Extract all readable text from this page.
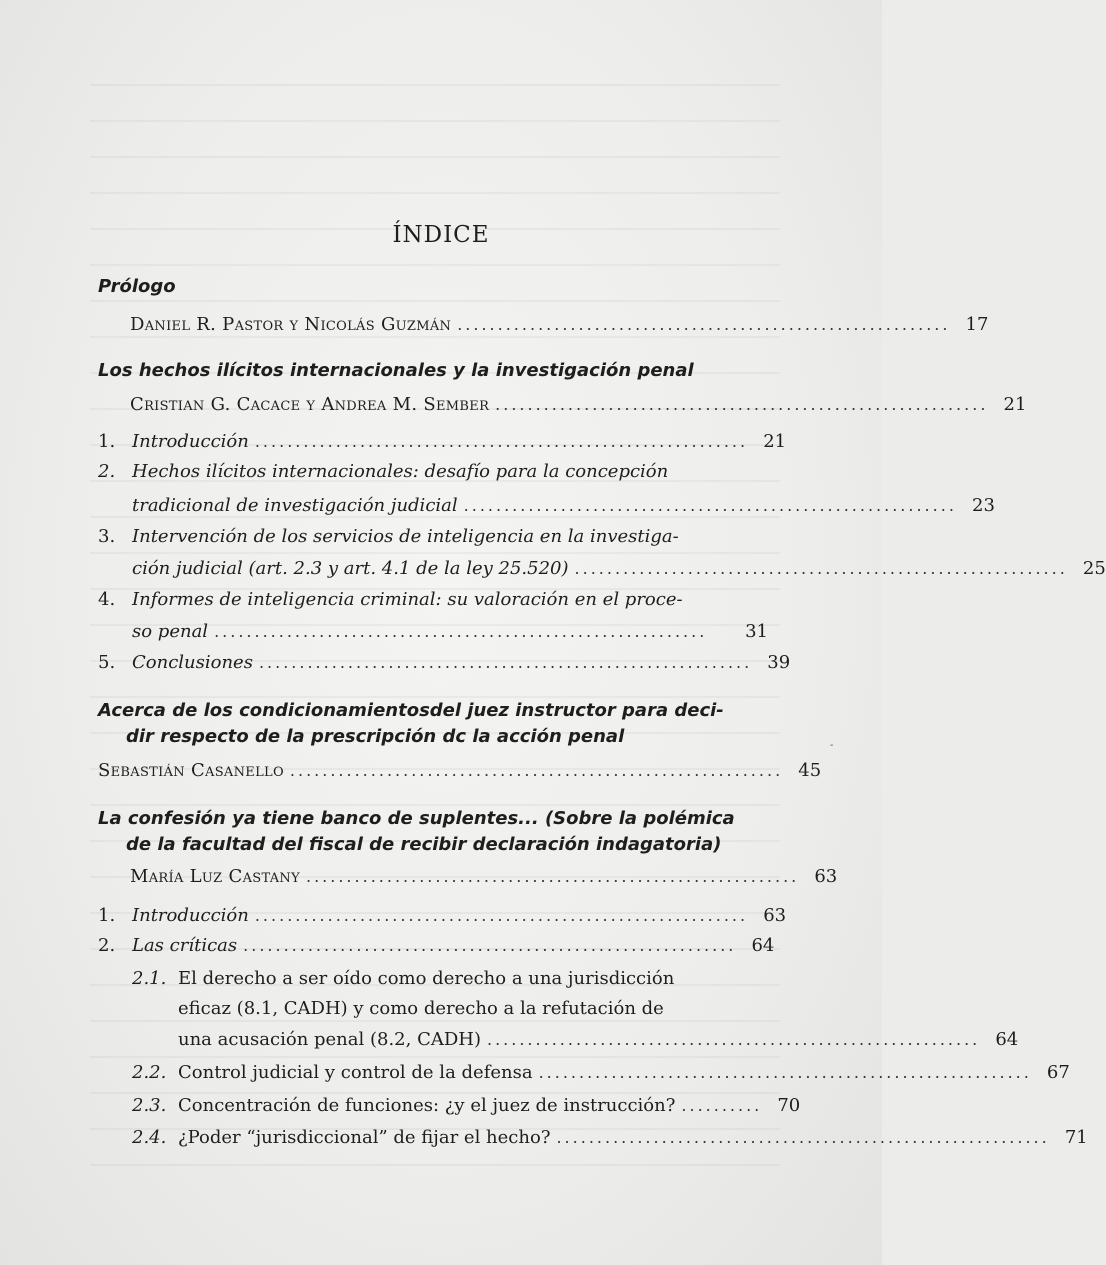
ÍNDICE
Prólogo
Daniel R. Pastor y Nicolás Guzmán ............................................................. 17
Los hechos ilícitos internacionales y la investigación penal
Cristian G. Cacace y Andrea M. Sember ............................................................. 21
1. Introducción ............................................................. 21
2. Hechos ilícitos internacionales: desafío para la concepción
tradicional de investigación judicial ............................................................. 23
3. Intervención de los servicios de inteligencia en la investiga-
ción judicial (art. 2.3 y art. 4.1 de la ley 25.520) ............................................................. 25
4. Informes de inteligencia criminal: su valoración en el proce-
so penal .............................................................	31
5. Conclusiones ............................................................. 39
Acerca de los condicionamientosdel juez instructor para deci-
dir respecto de la prescripción dc la acción penal
Sebastián Casanello ............................................................. 45
-
La confesión ya tiene banco de suplentes... (Sobre la polémica
de la facultad del fiscal de recibir declaración indagatoria)
María Luz Castany ............................................................. 63
1. Introducción ............................................................. 63
2. Las críticas ............................................................. 64
2.1. El derecho a ser oído como derecho a una jurisdicción
eficaz (8.1, CADH) y como derecho a la refutación de
una acusación penal (8.2, CADH) ............................................................. 64
2.2. Control judicial y control de la defensa ............................................................. 67
2.3. Concentración de funciones: ¿y el juez de instrucción? .......... 70
2.4. ¿Poder “jurisdiccional” de fijar el hecho? ............................................................. 71
